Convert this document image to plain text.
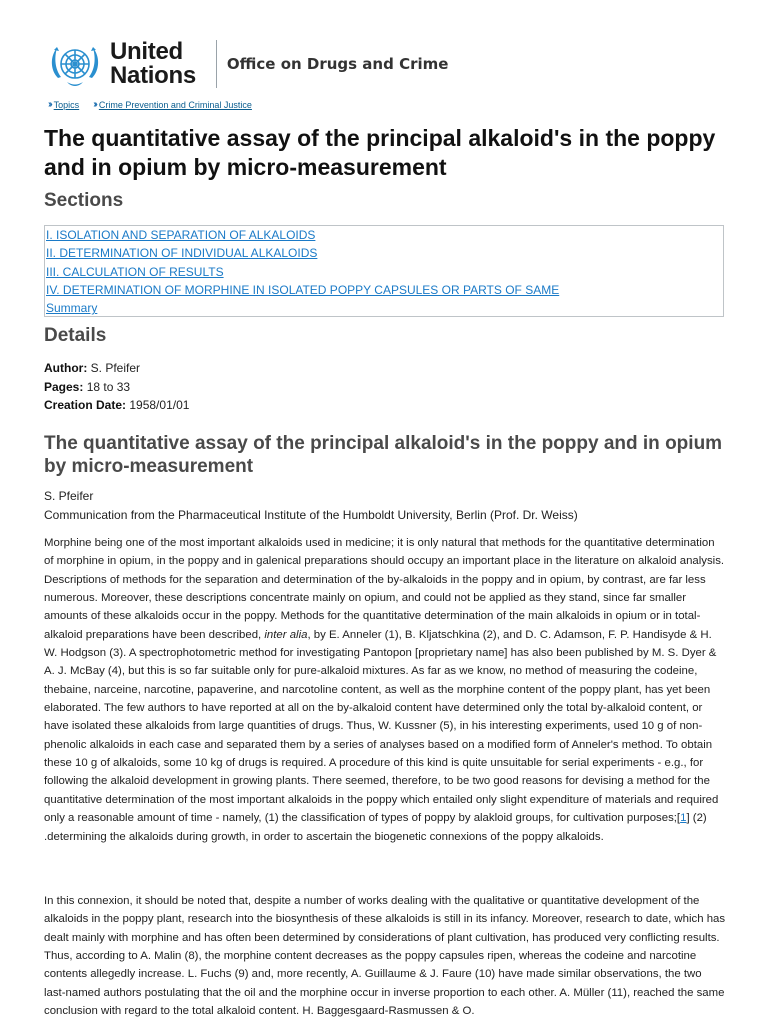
United
Nations Office on Drugs and Crime
›› Topics ›› Crime Prevention and Criminal Justice
The quantitative assay of the principal alkaloid's in the poppy and in opium by micro-measurement
Sections
I. ISOLATION AND SEPARATION OF ALKALOIDS
II. DETERMINATION OF INDIVIDUAL ALKALOIDS
III. CALCULATION OF RESULTS
IV. DETERMINATION OF MORPHINE IN ISOLATED POPPY CAPSULES OR PARTS OF SAME
Summary
Details
Author: S. Pfeifer
Pages: 18 to 33
Creation Date: 1958/01/01
The quantitative assay of the principal alkaloid's in the poppy and in opium by micro-measurement
S. Pfeifer
Communication from the Pharmaceutical Institute of the Humboldt University, Berlin (Prof. Dr. Weiss)

Morphine being one of the most important alkaloids used in medicine; it is only natural that methods for the quantitative determination of morphine in opium, in the poppy and in galenical preparations should occupy an important place in the literature on alkaloid analysis. Descriptions of methods for the separation and determination of the by-alkaloids in the poppy and in opium, by contrast, are far less numerous. Moreover, these descriptions concentrate mainly on opium, and could not be applied as they stand, since far smaller amounts of these alkaloids occur in the poppy. Methods for the quantitative determination of the main alkaloids in opium or in total-alkaloid preparations have been described, inter alia, by E. Anneler (1), B. Kljatschkina (2), and D. C. Adamson, F. P. Handisyde & H. W. Hodgson (3). A spectrophotometric method for investigating Pantopon [proprietary name] has also been published by M. S. Dyer & A. J. McBay (4), but this is so far suitable only for pure-alkaloid mixtures. As far as we know, no method of measuring the codeine, thebaine, narceine, narcotine, papaverine, and narcotoline content, as well as the morphine content of the poppy plant, has yet been elaborated. The few authors to have reported at all on the by-alkaloid content have determined only the total by-alkaloid content, or have isolated these alkaloids from large quantities of drugs. Thus, W. Kussner (5), in his interesting experiments, used 10 g of non-phenolic alkaloids in each case and separated them by a series of analyses based on a modified form of Anneler's method. To obtain these 10 g of alkaloids, some 10 kg of drugs is required. A procedure of this kind is quite unsuitable for serial experiments - e.g., for following the alkaloid development in growing plants. There seemed, therefore, to be two good reasons for devising a method for the quantitative determination of the most important alkaloids in the poppy which entailed only slight expenditure of materials and required only a reasonable amount of time - namely, (1) the classification of types of poppy by alakloid groups, for cultivation purposes;[1] (2) .determining the alkaloids during growth, in order to ascertain the biogenetic connexions of the poppy alkaloids.

In this connexion, it should be noted that, despite a number of works dealing with the qualitative or quantitative development of the alkaloids in the poppy plant, research into the biosynthesis of these alkaloids is still in its infancy. Moreover, research to date, which has dealt mainly with morphine and has often been determined by considerations of plant cultivation, has produced very conflicting results. Thus, according to A. Malin (8), the morphine content decreases as the poppy capsules ripen, whereas the codeine and narcotine contents allegedly increase. L. Fuchs (9) and, more recently, A. Guillaume & J. Faure (10) have made similar observations, the two last-named authors postulating that the oil and the morphine occur in inverse proportion to each other. A. Müller (11), reached the same conclusion with regard to the total alkaloid content. H. Baggesgaard-Rasmussen & O.
